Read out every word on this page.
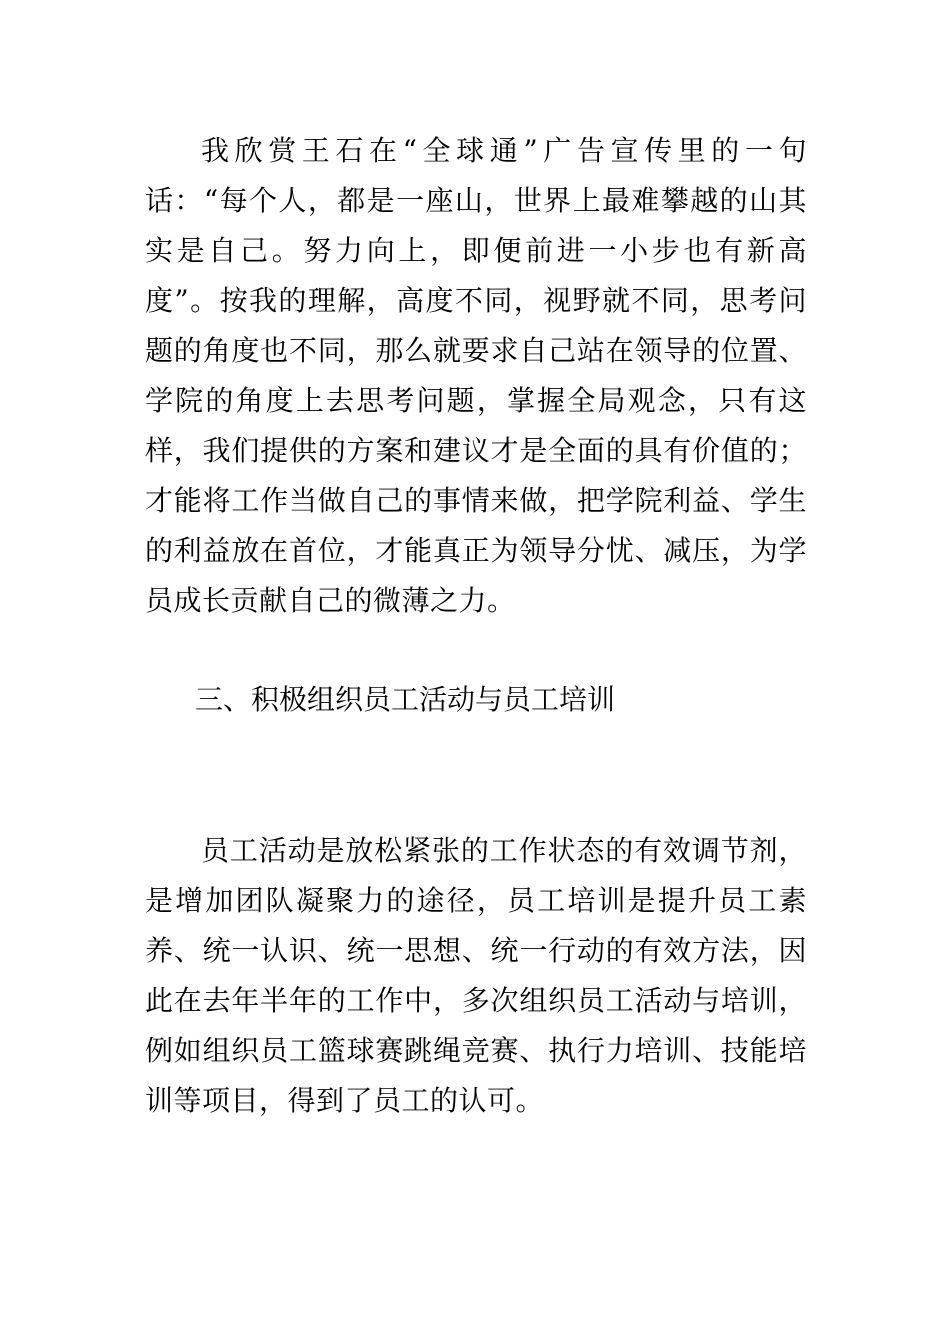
我欣赏王石在“全球通”广告宣传里的一句话：“每个人，都是一座山，世界上最难攀越的山其实是自己。努力向上，即便前进一小步也有新高度”。按我的理解，高度不同，视野就不同，思考问题的角度也不同，那么就要求自己站在领导的位置、学院的角度上去思考问题，掌握全局观念，只有这样，我们提供的方案和建议才是全面的具有价值的；才能将工作当做自己的事情来做，把学院利益、学生的利益放在首位，才能真正为领导分忧、减压，为学员成长贡献自己的微薄之力。

三、积极组织员工活动与员工培训

员工活动是放松紧张的工作状态的有效调节剂，是增加团队凝聚力的途径，员工培训是提升员工素养、统一认识、统一思想、统一行动的有效方法，因此在去年半年的工作中，多次组织员工活动与培训，例如组织员工篮球赛跳绳竞赛、执行力培训、技能培训等项目，得到了员工的认可。
